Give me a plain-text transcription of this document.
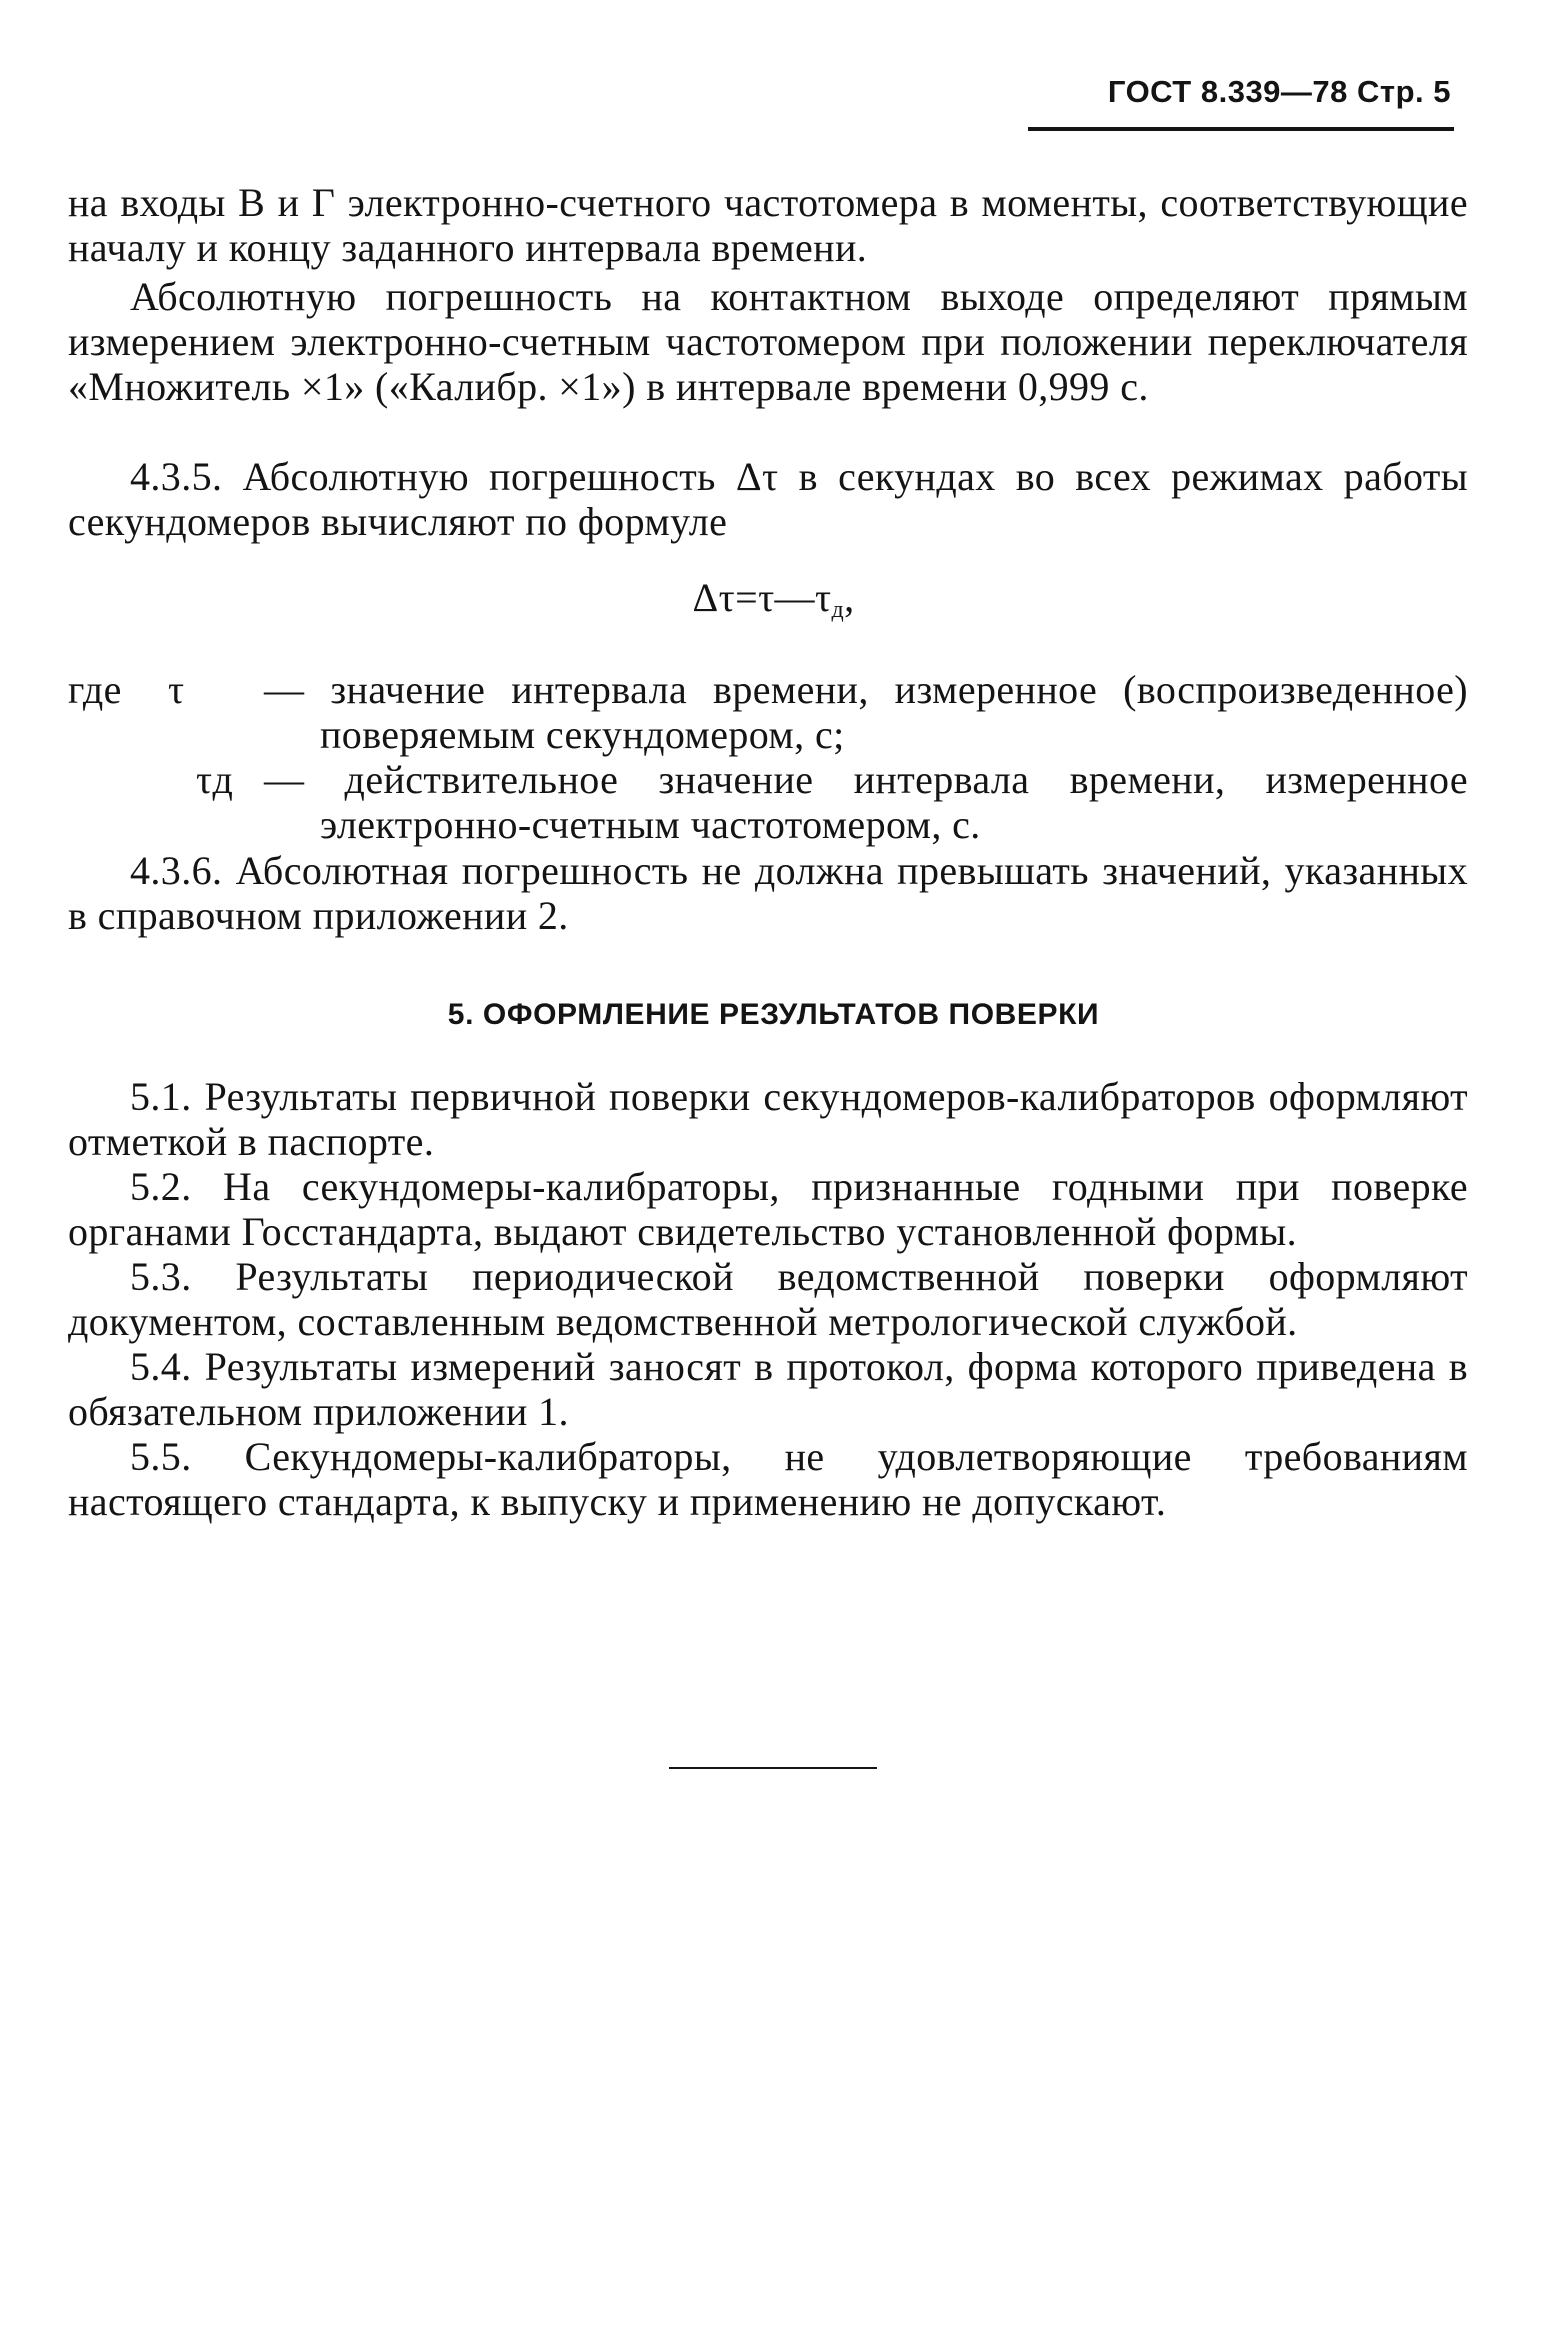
ГОСТ 8.339—78 Стр. 5

на входы В и Г электронно-счетного частотомера в моменты, соответствующие началу и концу заданного интервала времени.

Абсолютную погрешность на контактном выходе определяют прямым измерением электронно-счетным частотомером при положении переключателя «Множитель ×1» («Калибр. ×1») в интервале времени 0,999 с.

4.3.5. Абсолютную погрешность Δτ в секундах во всех режимах работы секундомеров вычисляют по формуле

$\Delta\tau=\tau—\tau_д$,
где τ — значение интервала времени, измеренное (воспроизведенное) поверяемым секундомером, с;

τд — действительное значение интервала времени, измеренное электронно-счетным частотомером, с.

4.3.6. Абсолютная погрешность не должна превышать значений, указанных в справочном приложении 2.

5. ОФОРМЛЕНИЕ РЕЗУЛЬТАТОВ ПОВЕРКИ

5.1. Результаты первичной поверки секундомеров-калибраторов оформляют отметкой в паспорте.

5.2. На секундомеры-калибраторы, признанные годными при поверке органами Госстандарта, выдают свидетельство установленной формы.

5.3. Результаты периодической ведомственной поверки оформляют документом, составленным ведомственной метрологической службой.

5.4. Результаты измерений заносят в протокол, форма которого приведена в обязательном приложении 1.

5.5. Секундомеры-калибраторы, не удовлетворяющие требованиям настоящего стандарта, к выпуску и применению не допускают.
